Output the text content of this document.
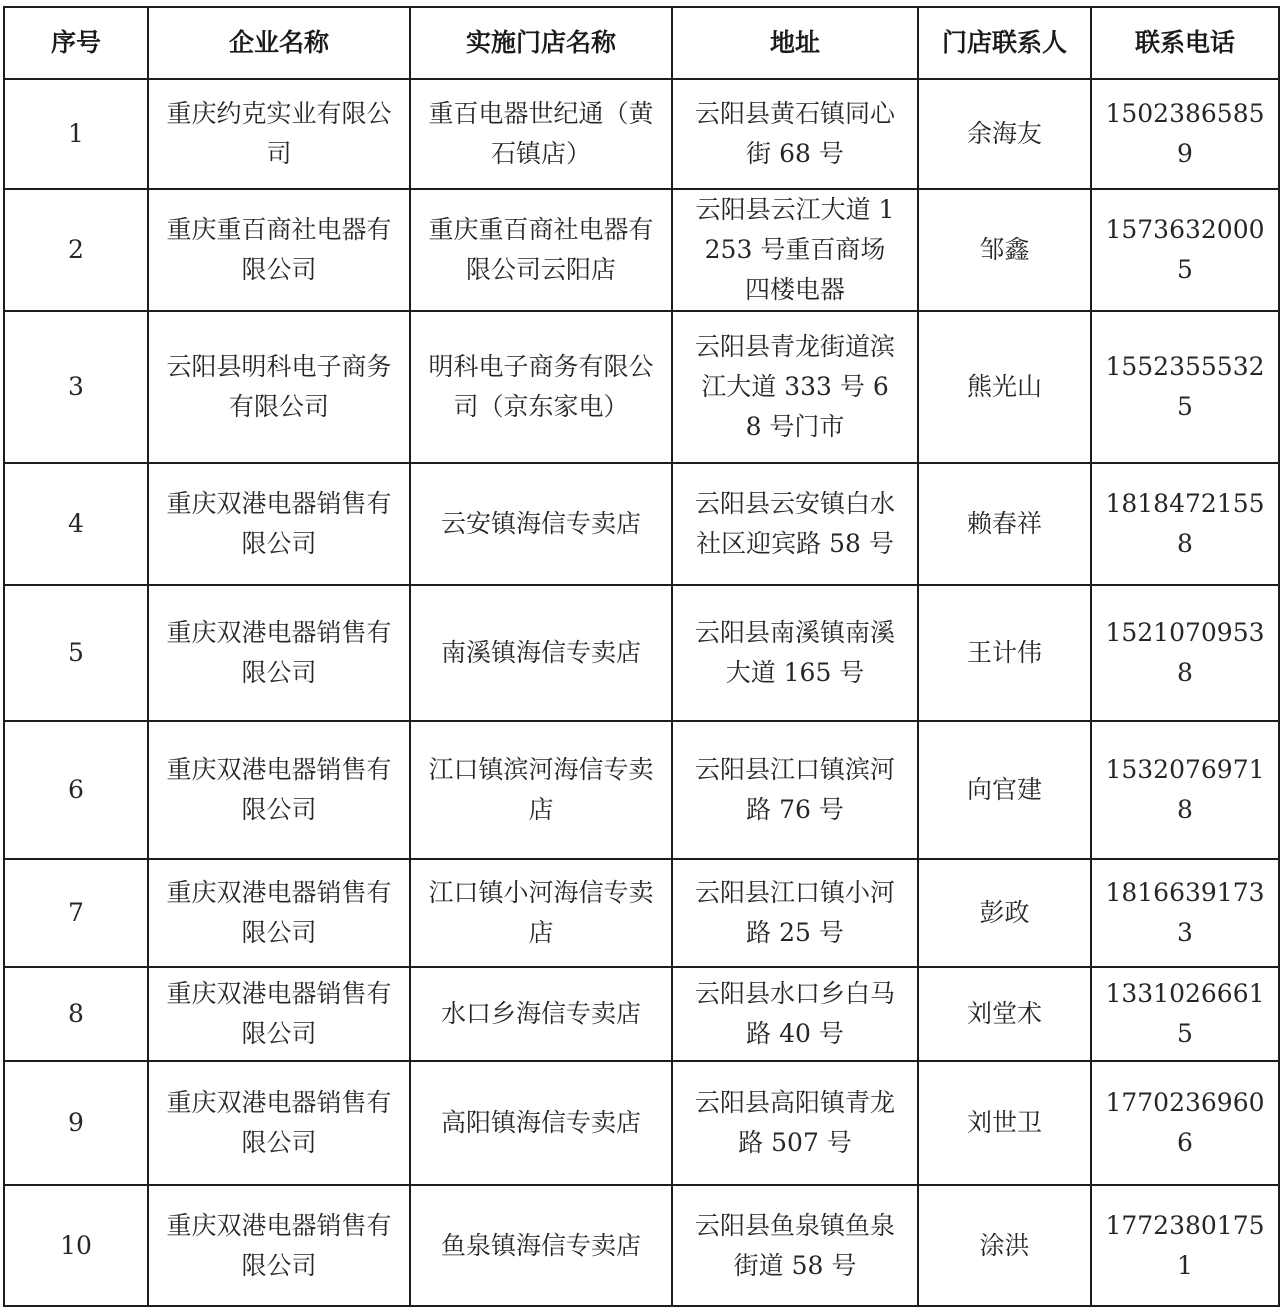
序号	企业名称	实施门店名称	地址	门店联系人	联系电话
1	重庆约克实业有限公司	重百电器世纪通（黄石镇店）	云阳县黄石镇同心街 68 号	余海友	15023865859
2	重庆重百商社电器有限公司	重庆重百商社电器有限公司云阳店	云阳县云江大道 1253 号重百商场四楼电器	邹鑫	15736320005
3	云阳县明科电子商务有限公司	明科电子商务有限公司（京东家电）	云阳县青龙街道滨江大道 333 号 68 号门市	熊光山	15523555325
4	重庆双港电器销售有限公司	云安镇海信专卖店	云阳县云安镇白水社区迎宾路 58 号	赖春祥	18184721558
5	重庆双港电器销售有限公司	南溪镇海信专卖店	云阳县南溪镇南溪大道 165 号	王计伟	15210709538
6	重庆双港电器销售有限公司	江口镇滨河海信专卖店	云阳县江口镇滨河路 76 号	向官建	15320769718
7	重庆双港电器销售有限公司	江口镇小河海信专卖店	云阳县江口镇小河路 25 号	彭政	18166391733
8	重庆双港电器销售有限公司	水口乡海信专卖店	云阳县水口乡白马路 40 号	刘堂术	13310266615
9	重庆双港电器销售有限公司	高阳镇海信专卖店	云阳县高阳镇青龙路 507 号	刘世卫	17702369606
10	重庆双港电器销售有限公司	鱼泉镇海信专卖店	云阳县鱼泉镇鱼泉街道 58 号	涂洪	17723801751
